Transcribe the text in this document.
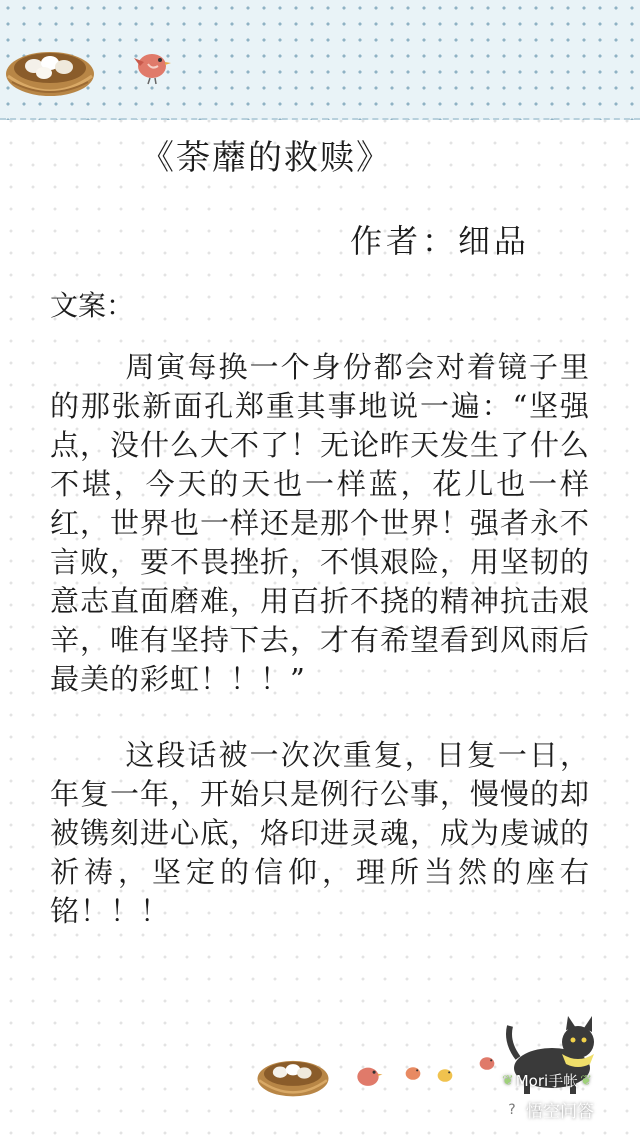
《荼蘼的救赎》
作者：细品
文案：

周寅每换一个身份都会对着镜子里的那张新面孔郑重其事地说一遍：“坚强点，没什么大不了！无论昨天发生了什么不堪，今天的天也一样蓝，花儿也一样红，世界也一样还是那个世界！强者永不言败，要不畏挫折，不惧艰险，用坚韧的意志直面磨难，用百折不挠的精神抗击艰辛，唯有坚持下去，才有希望看到风雨后最美的彩虹！！！”

这段话被一次次重复，日复一日，年复一年，开始只是例行公事，慢慢的却被镌刻进心底，烙印进灵魂，成为虔诚的祈祷，坚定的信仰，理所当然的座右铭！！！

❦ Mori手帐 ❦
? 悟空问答
